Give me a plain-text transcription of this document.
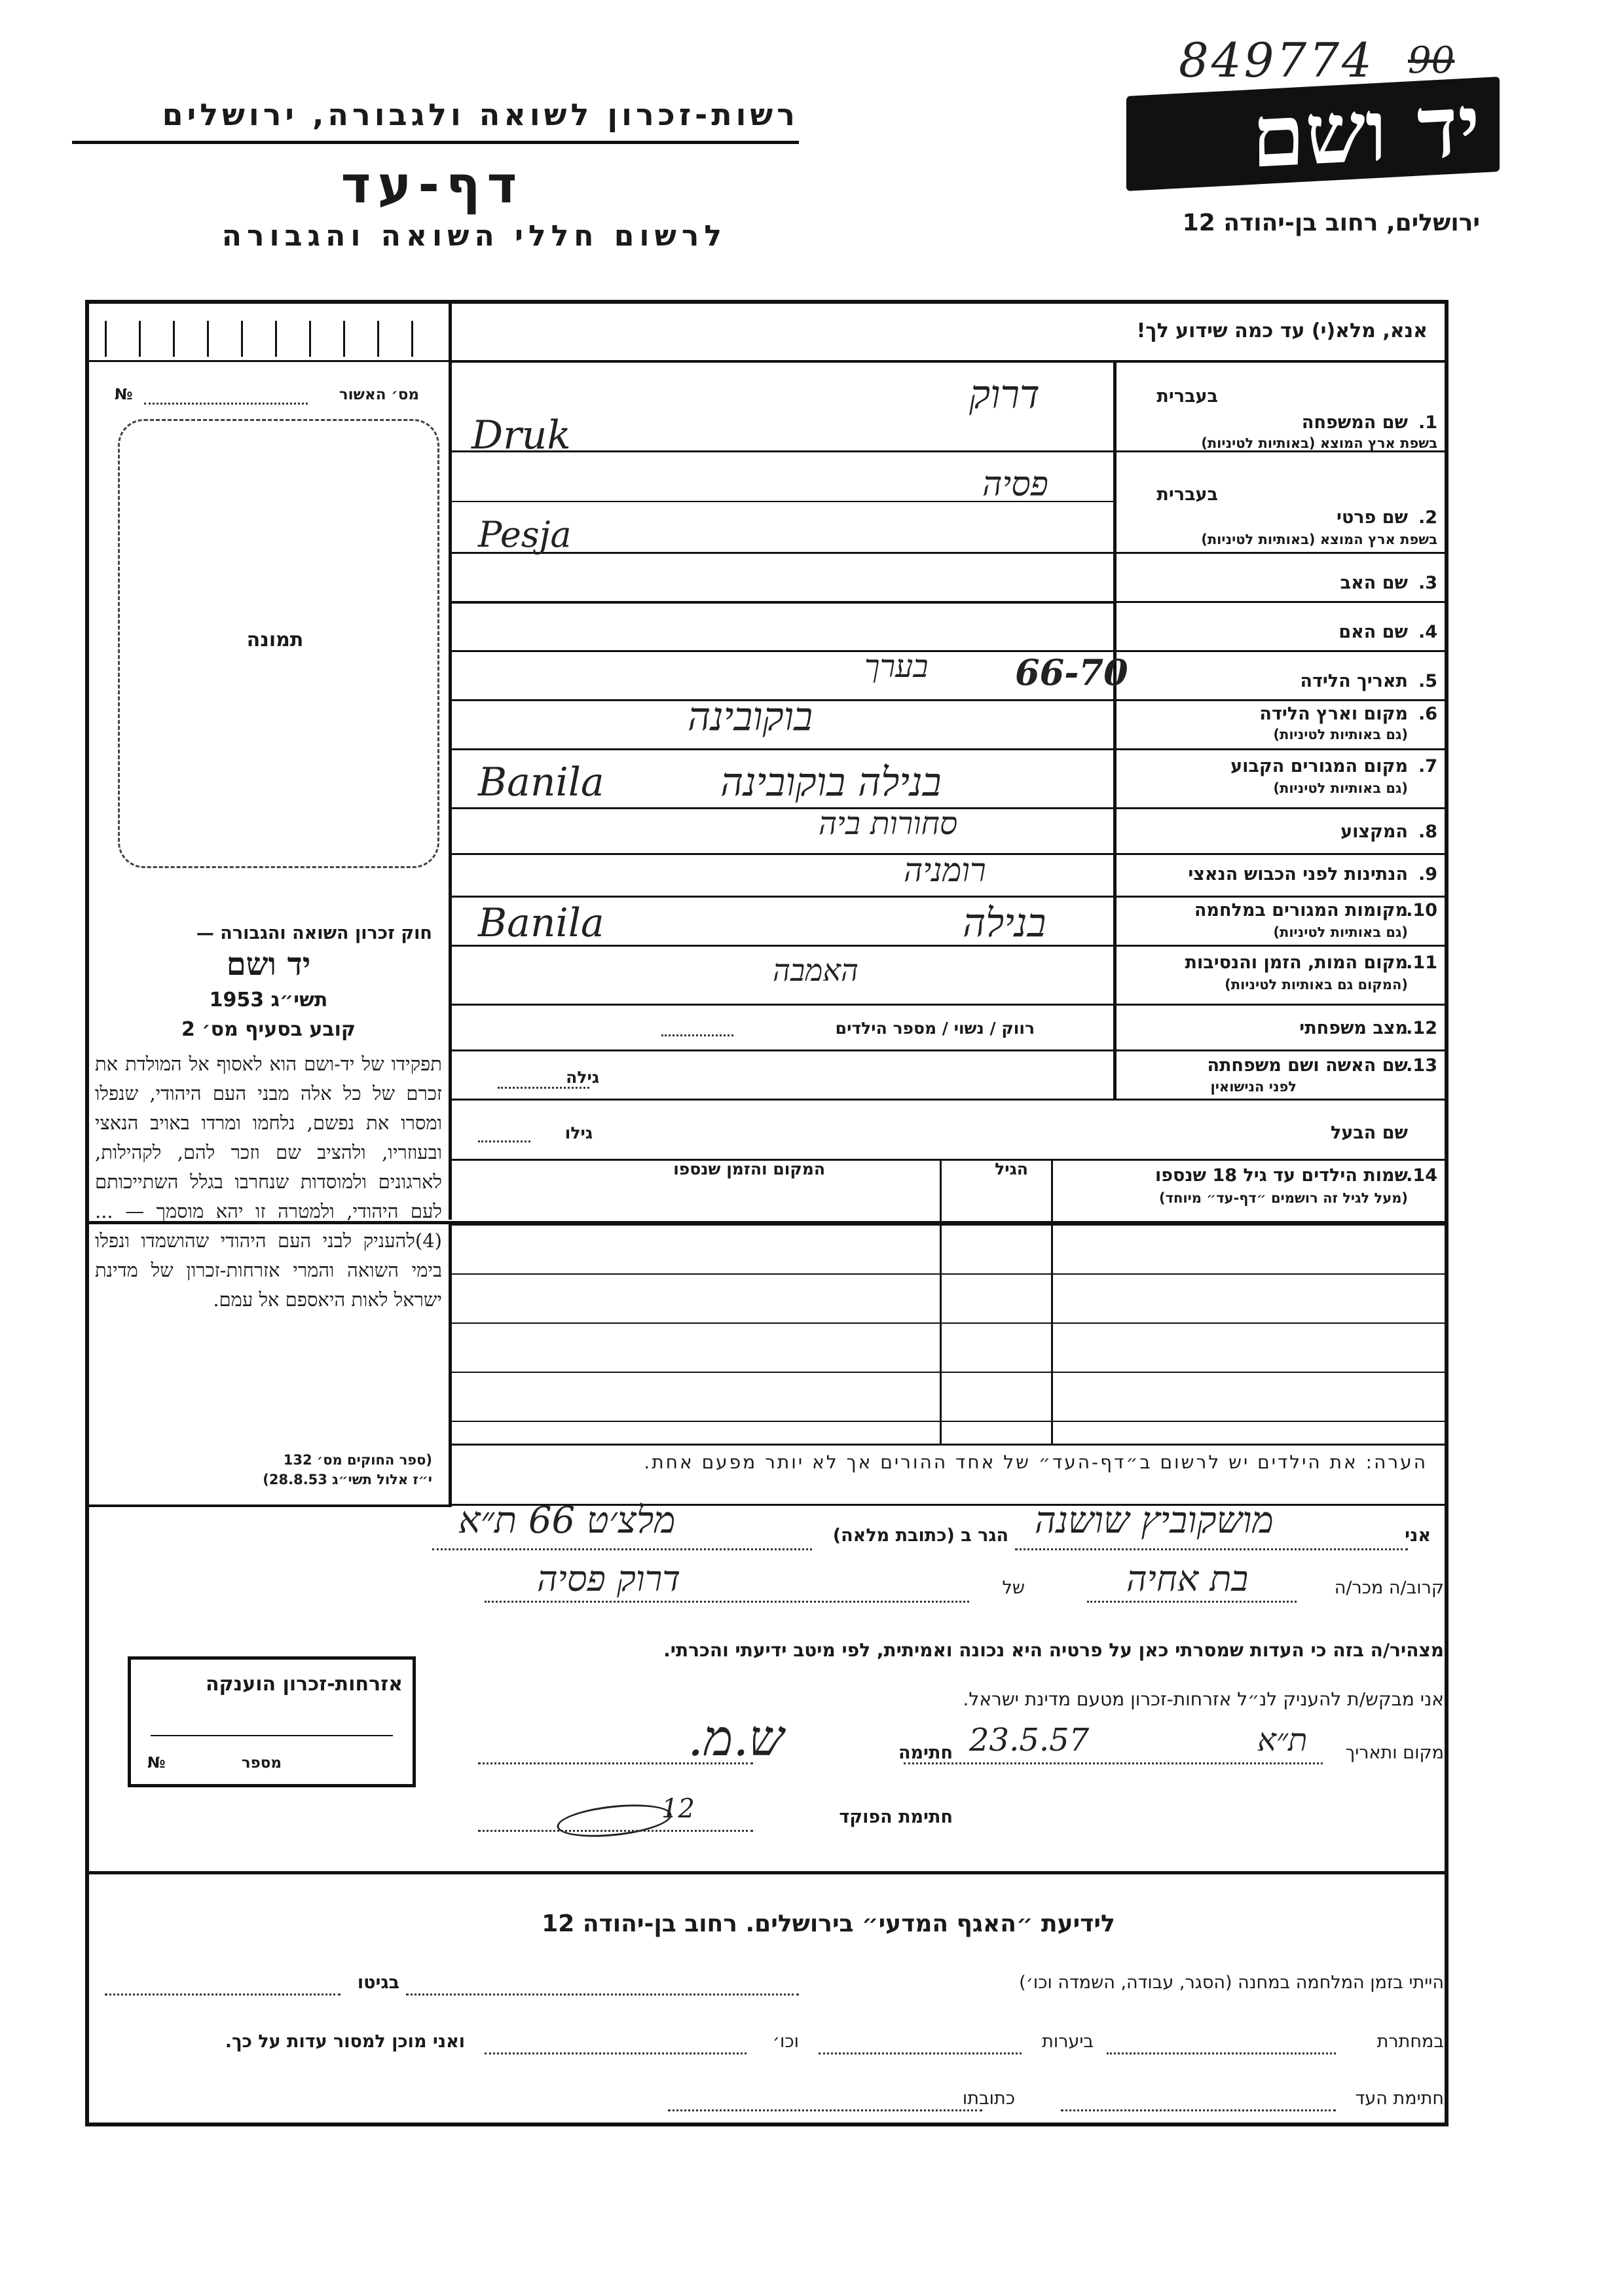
849774 90
יד ושם
ירושלים, רחוב בן-יהודה 12
רשות-זכרון לשואה ולגבורה, ירושלים
דף-עד
לרשום חללי השואה והגבורה
אנא, מלא(י) עד כמה שידוע לך!
מס׳ האשור
№
תמונה
חוק זכרון השואה והגבורה —
יד ושם
תשי״ג 1953
קובע בסעיף מס׳ 2
תפקידו של יד-ושם הוא לאסוף אל המולדת את זכרם של כל אלה מבני העם היהודי, שנפלו ומסרו את נפשם, נלחמו ומרדו באויב הנאצי ובעוזריו, ולהציב שם וזכר להם, לקהילות, לארגונים ולמוסדות שנחרבו בגלל השתייכותם לעם היהודי, ולמטרה זו יהא מוסמך — ...(4)להעניק לבני העם היהודי שהושמדו ונפלו בימי השואה והמרי אזרחות-זכרון של מדינת ישראל לאות היאספם אל עמם.
(ספר החוקים מס׳ 132
י״ז אלול תשי״ג 28.8.53)
בעברית
1.
שם המשפחה
בשפת ארץ המוצא (באותיות לטיניות)
דרוק
Druk
בעברית
2.
שם פרטי
בשפת ארץ המוצא (באותיות לטיניות)
פסיה
Pesja
3.
שם האב
4.
שם האם
5.
תאריך הלידה
בערך 66-70
6.
מקום וארץ הלידה
(גם באותיות לטיניות)
בוקובינה
7.
מקום המגורים הקבוע
(גם באותיות לטיניות)
Banila	בנילה בוקובינה
8.
המקצוע
סחורות ביה
9.
הנתינות לפני הכבוש הנאצי
רומניה
10.
מקומות המגורים במלחמה
(גם באותיות לטיניות)
Banila	בנילה
11.
מקום המות, הזמן והנסיבות
(המקום גם באותיות לטיניות)
האמבה
12.
מצב משפחתי
רווק / נשוי / מספר הילדים
13.
שם האשה ושם משפחתה
לפני הנישואין
גילה
שם הבעל
גילו
14.
שמות הילדים עד גיל 18 שנספו
(מעל לגיל זה רושמים ״דף-עד״ מיוחד)
הגיל
המקום והזמן שנספו
הערה: את הילדים יש לרשום ב״דף-העד״ של אחד ההורים אך לא יותר מפעם אחת.
אני
מושקוביץ שושנה
הגר ב (כתובת מלאה)
מלצ׳ט 66 ת״א
קרוב/ה מכר/ה
בת אחיה
של
דרוק פסיה
מצהיר/ה בזה כי העדות שמסרתי כאן על פרטיה היא נכונה ואמיתית, לפי מיטב ידיעתי והכרתי.
אני מבקש/ת להעניק לנ״ל אזרחות-זכרון מטעם מדינת ישראל.
מקום ותאריך
ת״א
23.5.57
חתימה
ש.מ.
חתימת הפוקד
12
אזרחות-זכרון הוענקה
מספר
№
לידיעת ״האגף המדעי״ בירושלים. רחוב בן-יהודה 12
הייתי בזמן המלחמה במחנה (הסגר, עבודה, השמדה וכו׳)
בגיטו
במחתרת
ביערות
וכו׳
ואני מוכן למסור עדות על כך.
חתימת העד
כתובתו
